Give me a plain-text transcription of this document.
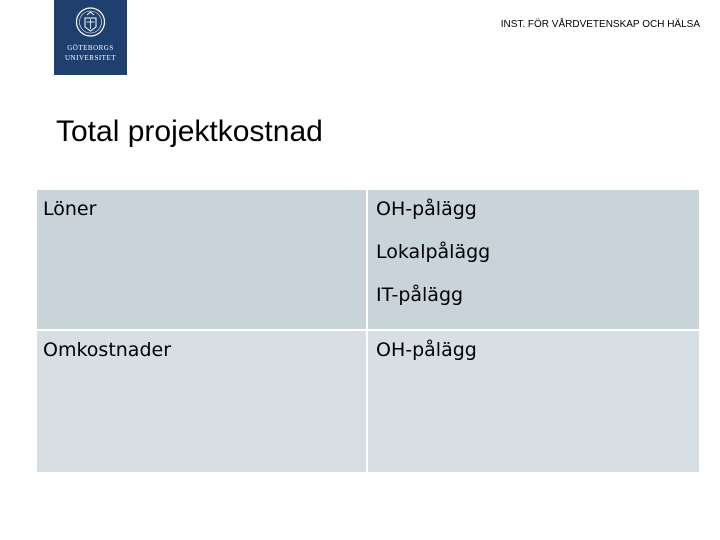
GÖTEBORGS
UNIVERSITET
INST. FÖR VÅRDVETENSKAP OCH HÄLSA
Total projektkostnad
Löner	OH-pålägg
Lokalpålägg
IT-pålägg
Omkostnader	OH-pålägg
